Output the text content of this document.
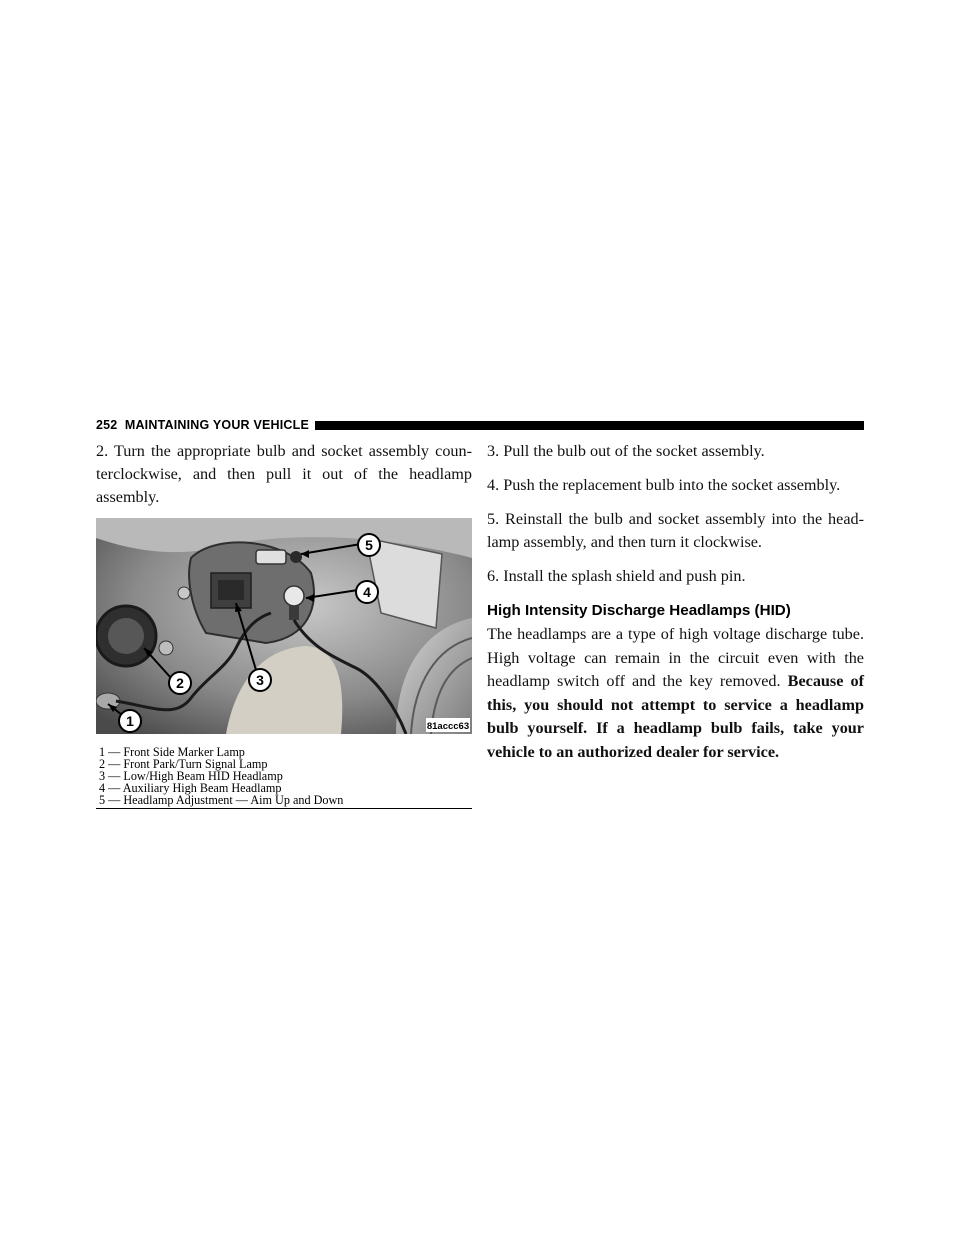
252 MAINTAINING YOUR VEHICLE

2. Turn the appropriate bulb and socket assembly coun-terclockwise, and then pull it out of the headlamp assembly.

1
2	3
4
5
81accc63
1 — Front Side Marker Lamp
2 — Front Park/Turn Signal Lamp
3 — Low/High Beam HID Headlamp
4 — Auxiliary High Beam Headlamp
5 — Headlamp Adjustment — Aim Up and Down

3. Pull the bulb out of the socket assembly.

4. Push the replacement bulb into the socket assembly.

5. Reinstall the bulb and socket assembly into the head-lamp assembly, and then turn it clockwise.

6. Install the splash shield and push pin.

High Intensity Discharge Headlamps (HID)

The headlamps are a type of high voltage discharge tube. High voltage can remain in the circuit even with the headlamp switch off and the key removed. Because of this, you should not attempt to service a headlamp bulb yourself. If a headlamp bulb fails, take your vehicle to an authorized dealer for service.
